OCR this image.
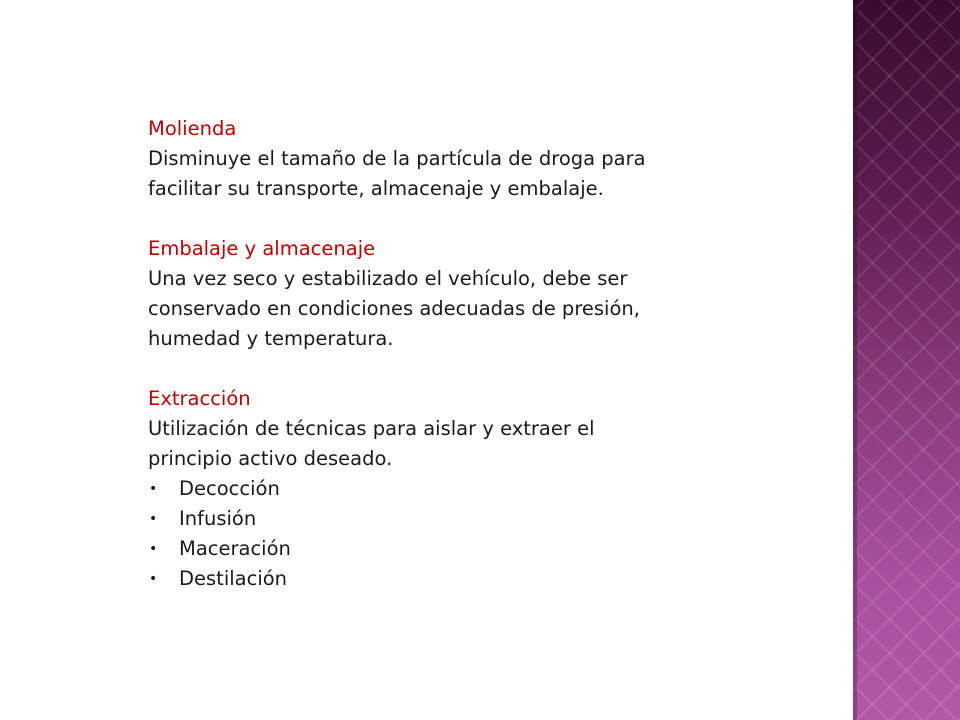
Molienda
Disminuye el tamaño de la partícula de droga para
facilitar su transporte, almacenaje y embalaje.
Embalaje y almacenaje
Una vez seco y estabilizado el vehículo, debe ser
conservado en condiciones adecuadas de presión,
humedad y temperatura.
Extracción
Utilización de técnicas para aislar y extraer el
principio activo deseado.
• Decocción
• Infusión
• Maceración
• Destilación
